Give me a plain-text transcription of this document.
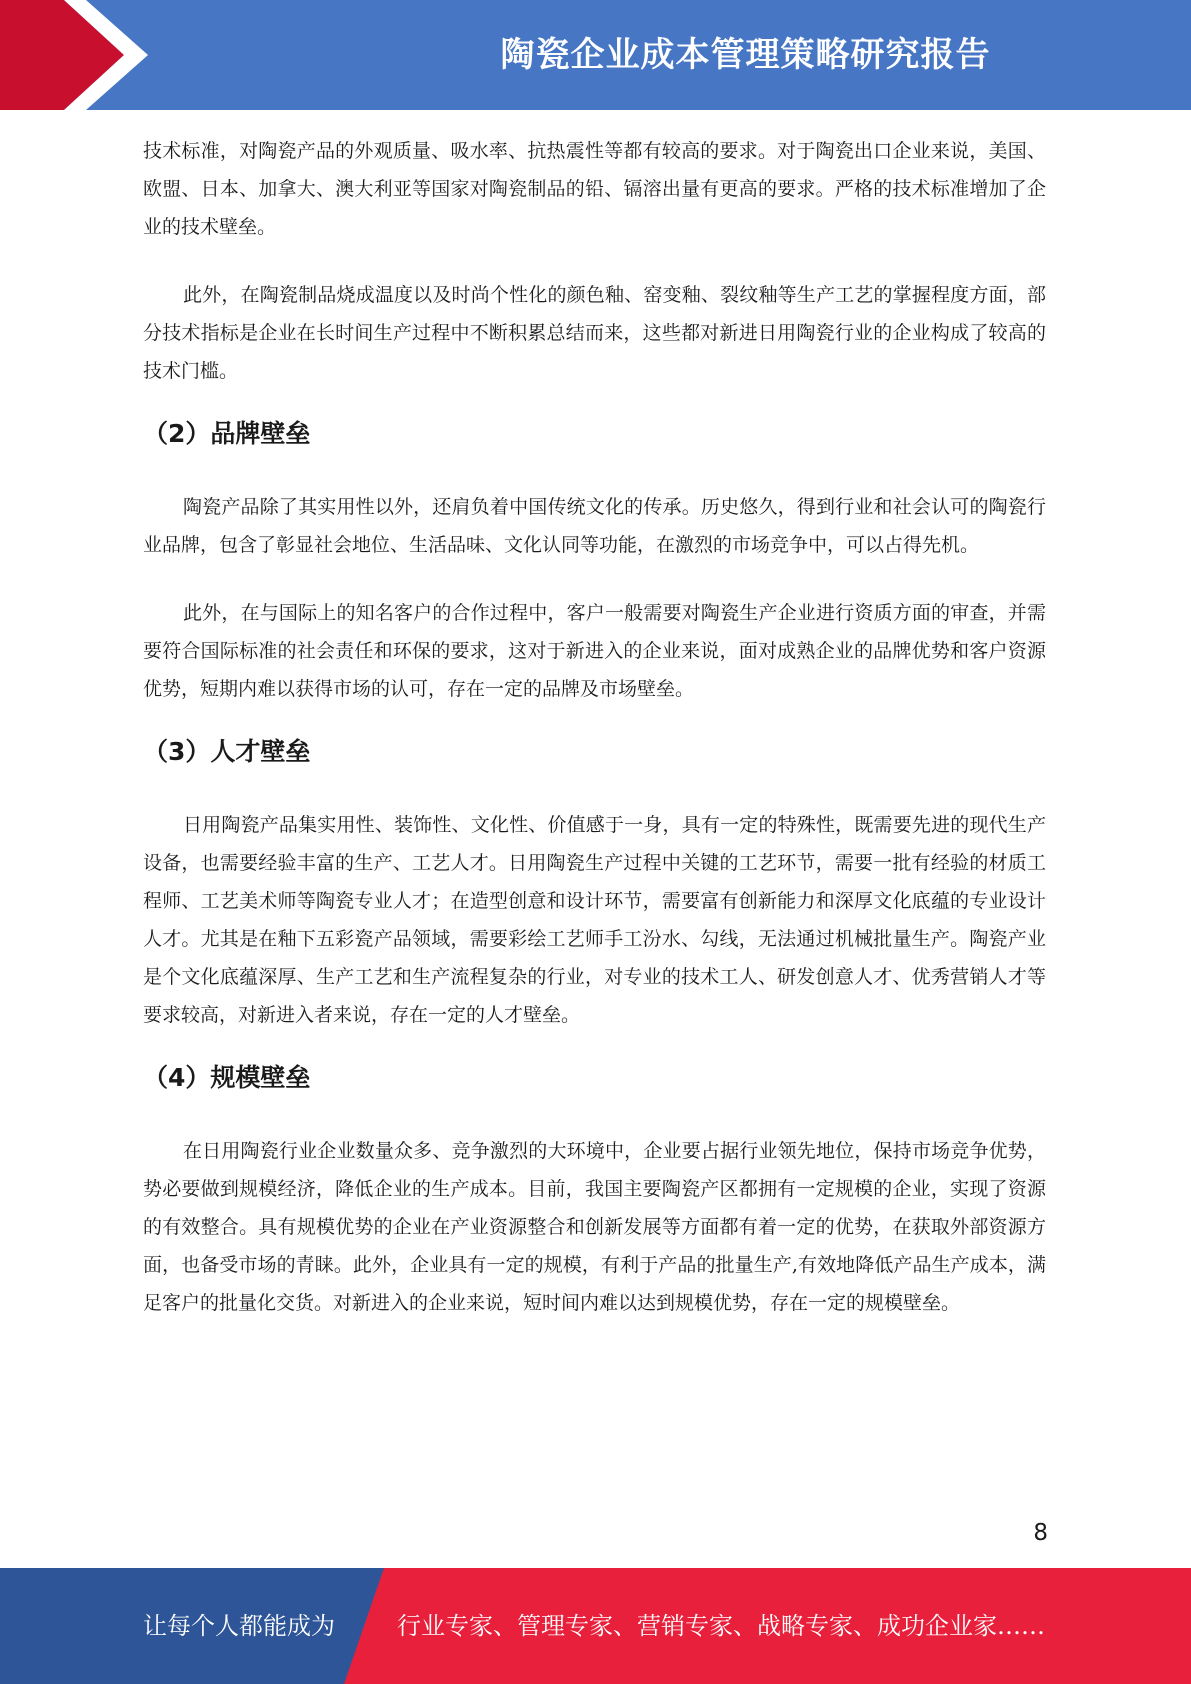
陶瓷企业成本管理策略研究报告

技术标准，对陶瓷产品的外观质量、吸水率、抗热震性等都有较高的要求。对于陶瓷出口企业来说，美国、欧盟、日本、加拿大、澳大利亚等国家对陶瓷制品的铅、镉溶出量有更高的要求。严格的技术标准增加了企业的技术壁垒。

此外，在陶瓷制品烧成温度以及时尚个性化的颜色釉、窑变釉、裂纹釉等生产工艺的掌握程度方面，部分技术指标是企业在长时间生产过程中不断积累总结而来，这些都对新进日用陶瓷行业的企业构成了较高的技术门槛。

（2）品牌壁垒

陶瓷产品除了其实用性以外，还肩负着中国传统文化的传承。历史悠久，得到行业和社会认可的陶瓷行业品牌，包含了彰显社会地位、生活品味、文化认同等功能，在激烈的市场竞争中，可以占得先机。

此外，在与国际上的知名客户的合作过程中，客户一般需要对陶瓷生产企业进行资质方面的审查，并需要符合国际标准的社会责任和环保的要求，这对于新进入的企业来说，面对成熟企业的品牌优势和客户资源优势，短期内难以获得市场的认可，存在一定的品牌及市场壁垒。

（3）人才壁垒

日用陶瓷产品集实用性、装饰性、文化性、价值感于一身，具有一定的特殊性，既需要先进的现代生产设备，也需要经验丰富的生产、工艺人才。日用陶瓷生产过程中关键的工艺环节，需要一批有经验的材质工程师、工艺美术师等陶瓷专业人才；在造型创意和设计环节，需要富有创新能力和深厚文化底蕴的专业设计人才。尤其是在釉下五彩瓷产品领域，需要彩绘工艺师手工汾水、勾线，无法通过机械批量生产。陶瓷产业是个文化底蕴深厚、生产工艺和生产流程复杂的行业，对专业的技术工人、研发创意人才、优秀营销人才等要求较高，对新进入者来说，存在一定的人才壁垒。

（4）规模壁垒

在日用陶瓷行业企业数量众多、竞争激烈的大环境中，企业要占据行业领先地位，保持市场竞争优势，势必要做到规模经济，降低企业的生产成本。目前，我国主要陶瓷产区都拥有一定规模的企业，实现了资源的有效整合。具有规模优势的企业在产业资源整合和创新发展等方面都有着一定的优势，在获取外部资源方面，也备受市场的青睐。此外，企业具有一定的规模，有利于产品的批量生产,有效地降低产品生产成本，满足客户的批量化交货。对新进入的企业来说，短时间内难以达到规模优势，存在一定的规模壁垒。

8
让每个人都能成为	行业专家、管理专家、营销专家、战略专家、成功企业家……
